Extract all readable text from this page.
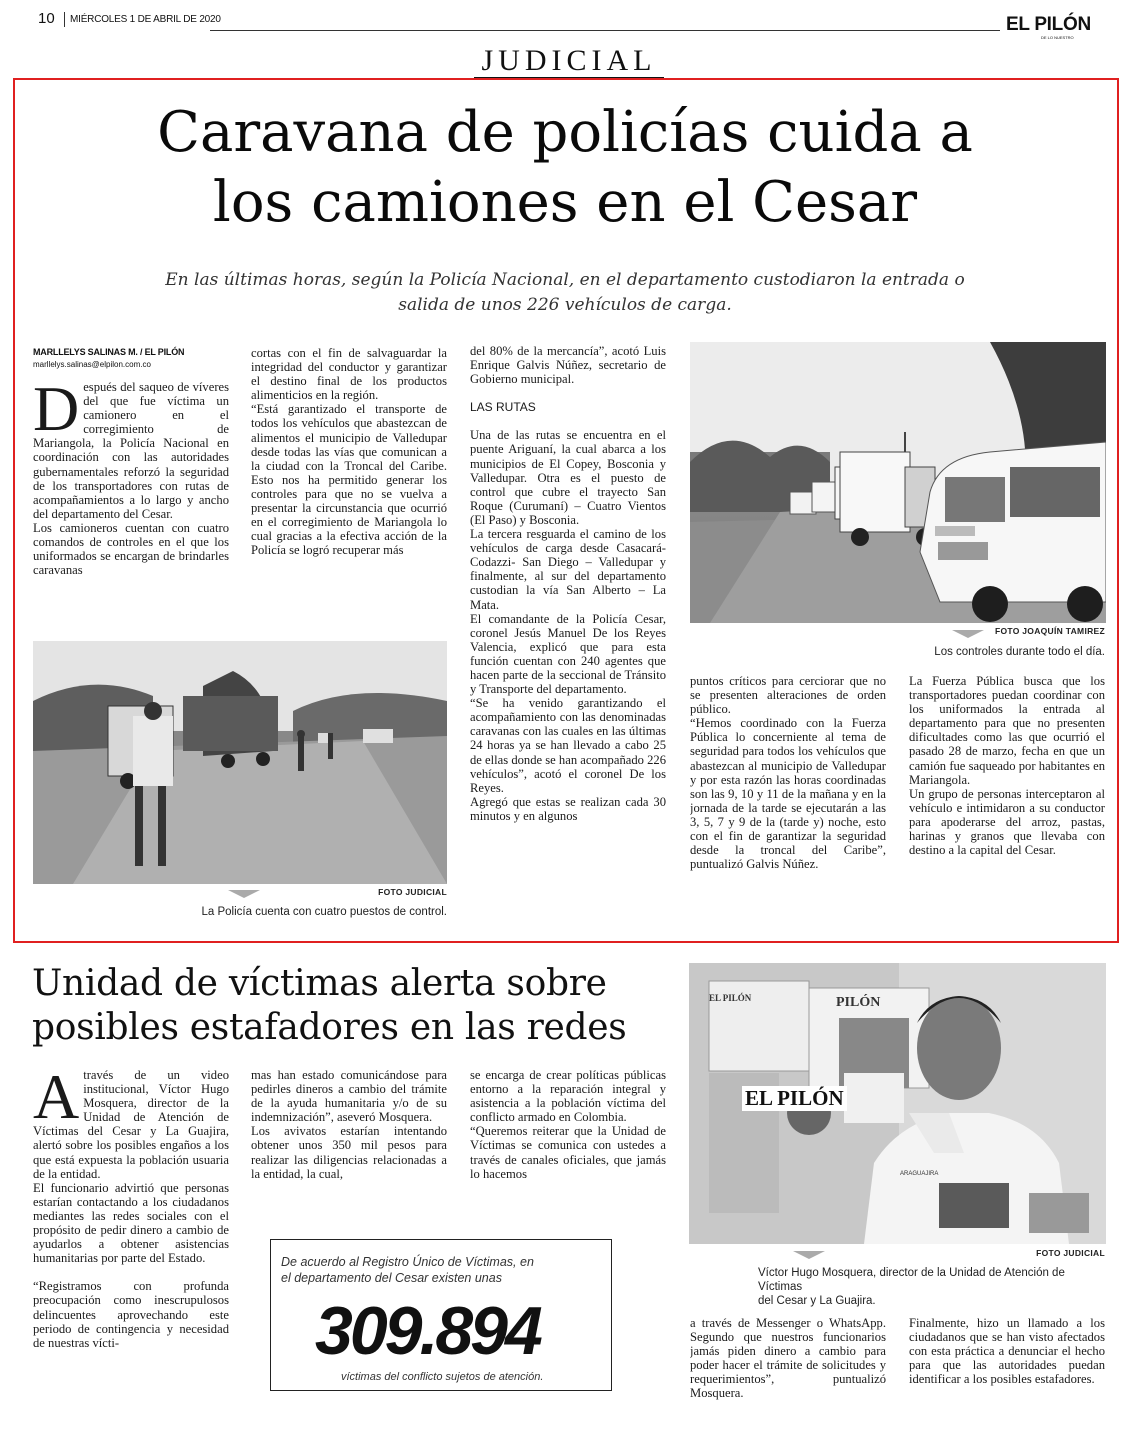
10 MIÉRCOLES 1 DE ABRIL DE 2020	EL PILÓN
DE LO NUESTRO
JUDICIAL
Caravana de policías cuida a
los camiones en el Cesar
En las últimas horas, según la Policía Nacional, en el departamento custodiaron la entrada o
salida de unos 226 vehículos de carga.
MARLLELYS SALINAS M. / EL PILÓN
marllelys.salinas@elpilon.com.co

Después del saqueo de víveres del que fue víctima un camionero en el corregimiento de Mariangola, la Policía Nacional en coordinación con las autoridades gubernamentales reforzó la seguridad de los transportadores con rutas de acompañamientos a lo largo y ancho del departamento del Cesar.

Los camioneros cuentan con cuatro comandos de controles en el que los uniformados se encargan de brindarles caravanas

cortas con el fin de salvaguardar la integridad del conductor y garantizar el destino final de los productos alimenticios en la región.

“Está garantizado el transporte de todos los vehículos que abastezcan de alimentos el municipio de Valledupar desde todas las vías que comunican a la ciudad con la Troncal del Caribe. Esto nos ha permitido generar los controles para que no se vuelva a presentar la circunstancia que ocurrió en el corregimiento de Mariangola lo cual gracias a la efectiva acción de la Policía se logró recuperar más

del 80% de la mercancía”, acotó Luis Enrique Galvis Núñez, secretario de Gobierno municipal.

LAS RUTAS

Una de las rutas se encuentra en el puente Ariguaní, la cual abarca a los municipios de El Copey, Bosconia y Valledupar. Otra es el puesto de control que cubre el trayecto San Roque (Curumaní) – Cuatro Vientos (El Paso) y Bosconia.

La tercera resguarda el camino de los vehículos de carga desde Casacará- Codazzi- San Diego – Valledupar y finalmente, al sur del departamento custodian la vía San Alberto – La Mata.

El comandante de la Policía Cesar, coronel Jesús Manuel De los Reyes Valencia, explicó que para esta función cuentan con 240 agentes que hacen parte de la seccional de Tránsito y Transporte del departamento.

“Se ha venido garantizando el acompañamiento con las denominadas caravanas con las cuales en las últimas 24 horas ya se han llevado a cabo 25 de ellas donde se han acompañado 226 vehículos”, acotó el coronel De los Reyes.

Agregó que estas se realizan cada 30 minutos y en algunos

puntos críticos para cerciorar que no se presenten alteraciones de orden público.

“Hemos coordinado con la Fuerza Pública lo concerniente al tema de seguridad para todos los vehículos que abastezcan al municipio de Valledupar y por esta razón las horas coordinadas son las 9, 10 y 11 de la mañana y en la jornada de la tarde se ejecutarán a las 3, 5, 7 y 9 de la (tarde y) noche, esto con el fin de garantizar la seguridad desde la troncal del Caribe”, puntualizó Galvis Núñez.

La Fuerza Pública busca que los transportadores puedan coordinar con los uniformados la entrada al departamento para que no presenten dificultades como las que ocurrió el pasado 28 de marzo, fecha en que un camión fue saqueado por habitantes en Mariangola.

Un grupo de personas interceptaron al vehículo e intimidaron a su conductor para apoderarse del arroz, pastas, harinas y granos que llevaba con destino a la capital del Cesar.

FOTO JOAQUÍN TAMIREZ
Los controles durante todo el día.
FOTO JUDICIAL
La Policía cuenta con cuatro puestos de control.
Unidad de víctimas alerta sobre
posibles estafadores en las redes

Através de un video institucional, Víctor Hugo Mosquera, director de la Unidad de Atención de Víctimas del Cesar y La Guajira, alertó sobre los posibles engaños a los que está expuesta la población usuaria de la entidad.

El funcionario advirtió que personas estarían contactando a los ciudadanos mediantes las redes sociales con el propósito de pedir dinero a cambio de ayudarlos a obtener asistencias humanitarias por parte del Estado.

“Registramos con profunda preocupación como inescrupulosos delincuentes aprovechando este periodo de contingencia y necesidad de nuestras vícti-

mas han estado comunicándose para pedirles dineros a cambio del trámite de la ayuda humanitaria y/o de su indemnización”, aseveró Mosquera.

Los avivatos estarían intentando obtener unos 350 mil pesos para realizar las diligencias relacionadas a la entidad, la cual,

se encarga de crear políticas públicas entorno a la reparación integral y asistencia a la población víctima del conflicto armado en Colombia.

“Queremos reiterar que la Unidad de Víctimas se comunica con ustedes a través de canales oficiales, que jamás lo hacemos

De acuerdo al Registro Único de Víctimas, en
el departamento del Cesar existen unas
309.894
víctimas del conflicto sujetos de atención.
EL PILÓN	PILÓN
EL PILÓN
ARAGUAJIRA
FOTO JUDICIAL
Víctor Hugo Mosquera, director de la Unidad de Atención de Víctimas
del Cesar y La Guajira.

a través de Messenger o WhatsApp. Segundo que nuestros funcionarios jamás piden dinero a cambio para poder hacer el trámite de solicitudes y requerimientos”, puntualizó Mosquera.

Finalmente, hizo un llamado a los ciudadanos que se han visto afectados con esta práctica a denunciar el hecho para que las autoridades puedan identificar a los posibles estafadores.
